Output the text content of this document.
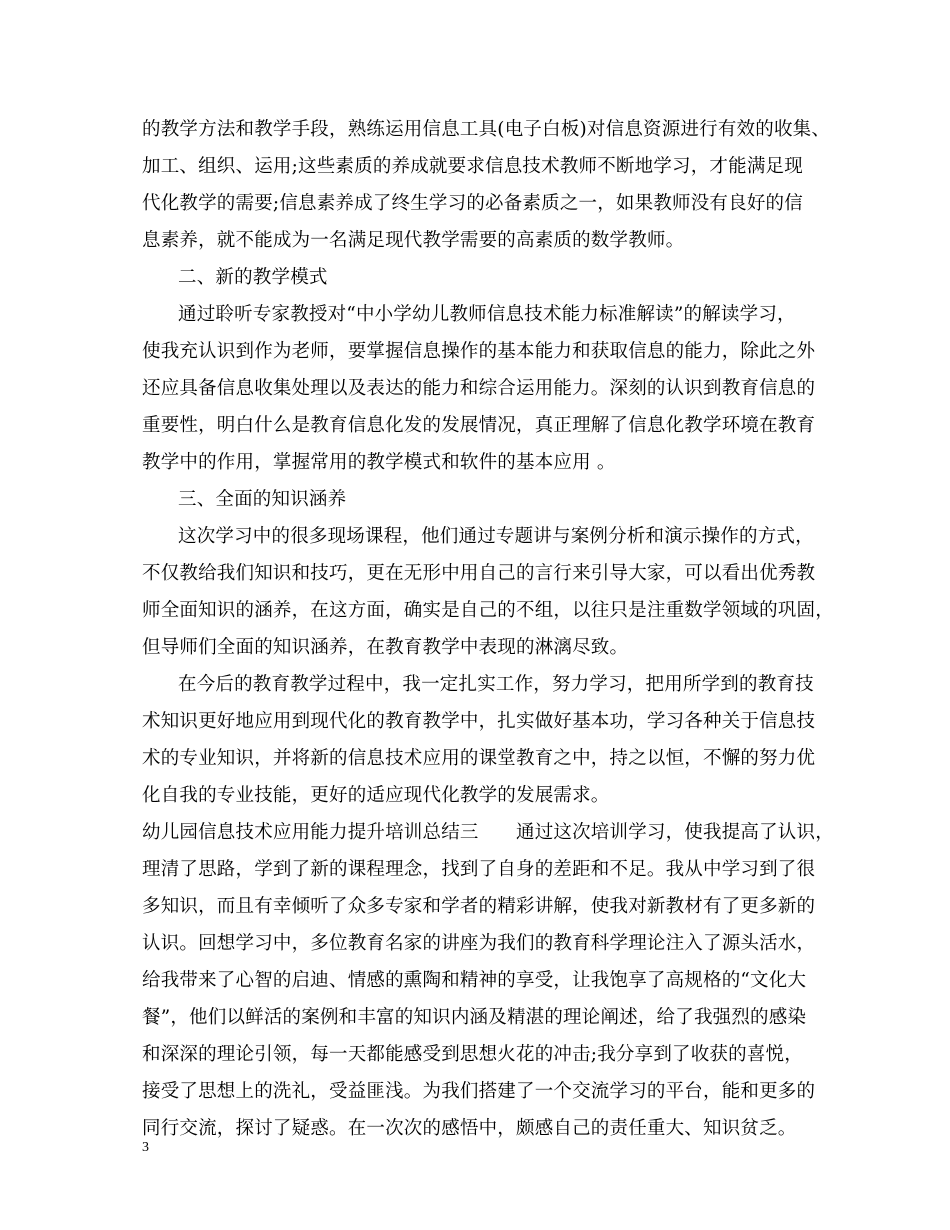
的教学方法和教学手段，熟练运用信息工具(电子白板)对信息资源进行有效的收集、
加工、组织、运用;这些素质的养成就要求信息技术教师不断地学习，才能满足现
代化教学的需要;信息素养成了终生学习的必备素质之一，如果教师没有良好的信
息素养，就不能成为一名满足现代教学需要的高素质的数学教师。
二、新的教学模式
通过聆听专家教授对“中小学幼儿教师信息技术能力标准解读”的解读学习，
使我充认识到作为老师，要掌握信息操作的基本能力和获取信息的能力，除此之外
还应具备信息收集处理以及表达的能力和综合运用能力。深刻的认识到教育信息的
重要性，明白什么是教育信息化发的发展情况，真正理解了信息化教学环境在教育
教学中的作用，掌握常用的教学模式和软件的基本应用 。
三、全面的知识涵养
这次学习中的很多现场课程，他们通过专题讲与案例分析和演示操作的方式，
不仅教给我们知识和技巧，更在无形中用自己的言行来引导大家，可以看出优秀教
师全面知识的涵养，在这方面，确实是自己的不组，以往只是注重数学领域的巩固，
但导师们全面的知识涵养，在教育教学中表现的淋漓尽致。
在今后的教育教学过程中，我一定扎实工作，努力学习，把用所学到的教育技
术知识更好地应用到现代化的教育教学中，扎实做好基本功，学习各种关于信息技
术的专业知识，并将新的信息技术应用的课堂教育之中，持之以恒，不懈的努力优
化自我的专业技能，更好的适应现代化教学的发展需求。
幼儿园信息技术应用能力提升培训总结三　　通过这次培训学习，使我提高了认识，
理清了思路，学到了新的课程理念，找到了自身的差距和不足。我从中学习到了很
多知识，而且有幸倾听了众多专家和学者的精彩讲解，使我对新教材有了更多新的
认识。回想学习中，多位教育名家的讲座为我们的教育科学理论注入了源头活水，
给我带来了心智的启迪、情感的熏陶和精神的享受，让我饱享了高规格的“文化大
餐”，他们以鲜活的案例和丰富的知识内涵及精湛的理论阐述，给了我强烈的感染
和深深的理论引领，每一天都能感受到思想火花的冲击;我分享到了收获的喜悦，
接受了思想上的洗礼，受益匪浅。为我们搭建了一个交流学习的平台，能和更多的
同行交流，探讨了疑惑。在一次次的感悟中，颇感自己的责任重大、知识贫乏。
3
